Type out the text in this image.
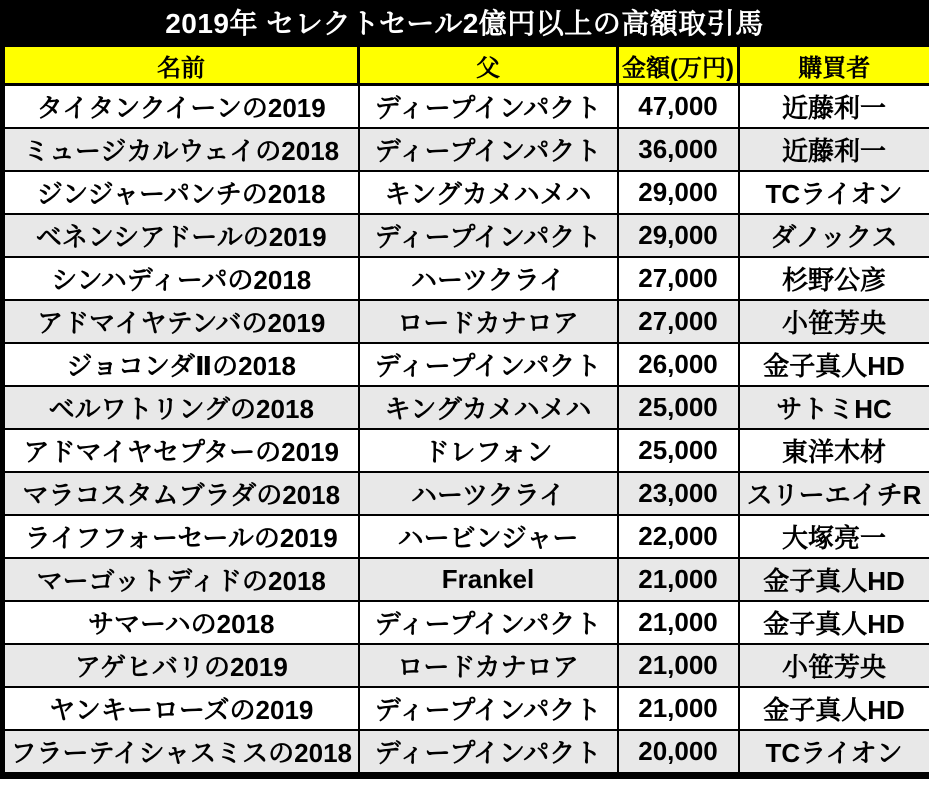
2019年 セレクトセール2億円以上の高額取引馬
名前	父	金額(万円)	購買者
タイタンクイーンの2019	ディープインパクト	47,000	近藤利一
ミュージカルウェイの2018	ディープインパクト	36,000	近藤利一
ジンジャーパンチの2018	キングカメハメハ	29,000	TCライオン
ベネンシアドールの2019	ディープインパクト	29,000	ダノックス
シンハディーパの2018	ハーツクライ	27,000	杉野公彦
アドマイヤテンバの2019	ロードカナロア	27,000	小笹芳央
ジョコンダⅡの2018	ディープインパクト	26,000	金子真人HD
ベルワトリングの2018	キングカメハメハ	25,000	サトミHC
アドマイヤセプターの2019	ドレフォン	25,000	東洋木材
マラコスタムブラダの2018	ハーツクライ	23,000	スリーエイチR
ライフフォーセールの2019	ハービンジャー	22,000	大塚亮一
マーゴットディドの2018	Frankel	21,000	金子真人HD
サマーハの2018	ディープインパクト	21,000	金子真人HD
アゲヒバリの2019	ロードカナロア	21,000	小笹芳央
ヤンキーローズの2019	ディープインパクト	21,000	金子真人HD
フラーテイシャスミスの2018	ディープインパクト	20,000	TCライオン
